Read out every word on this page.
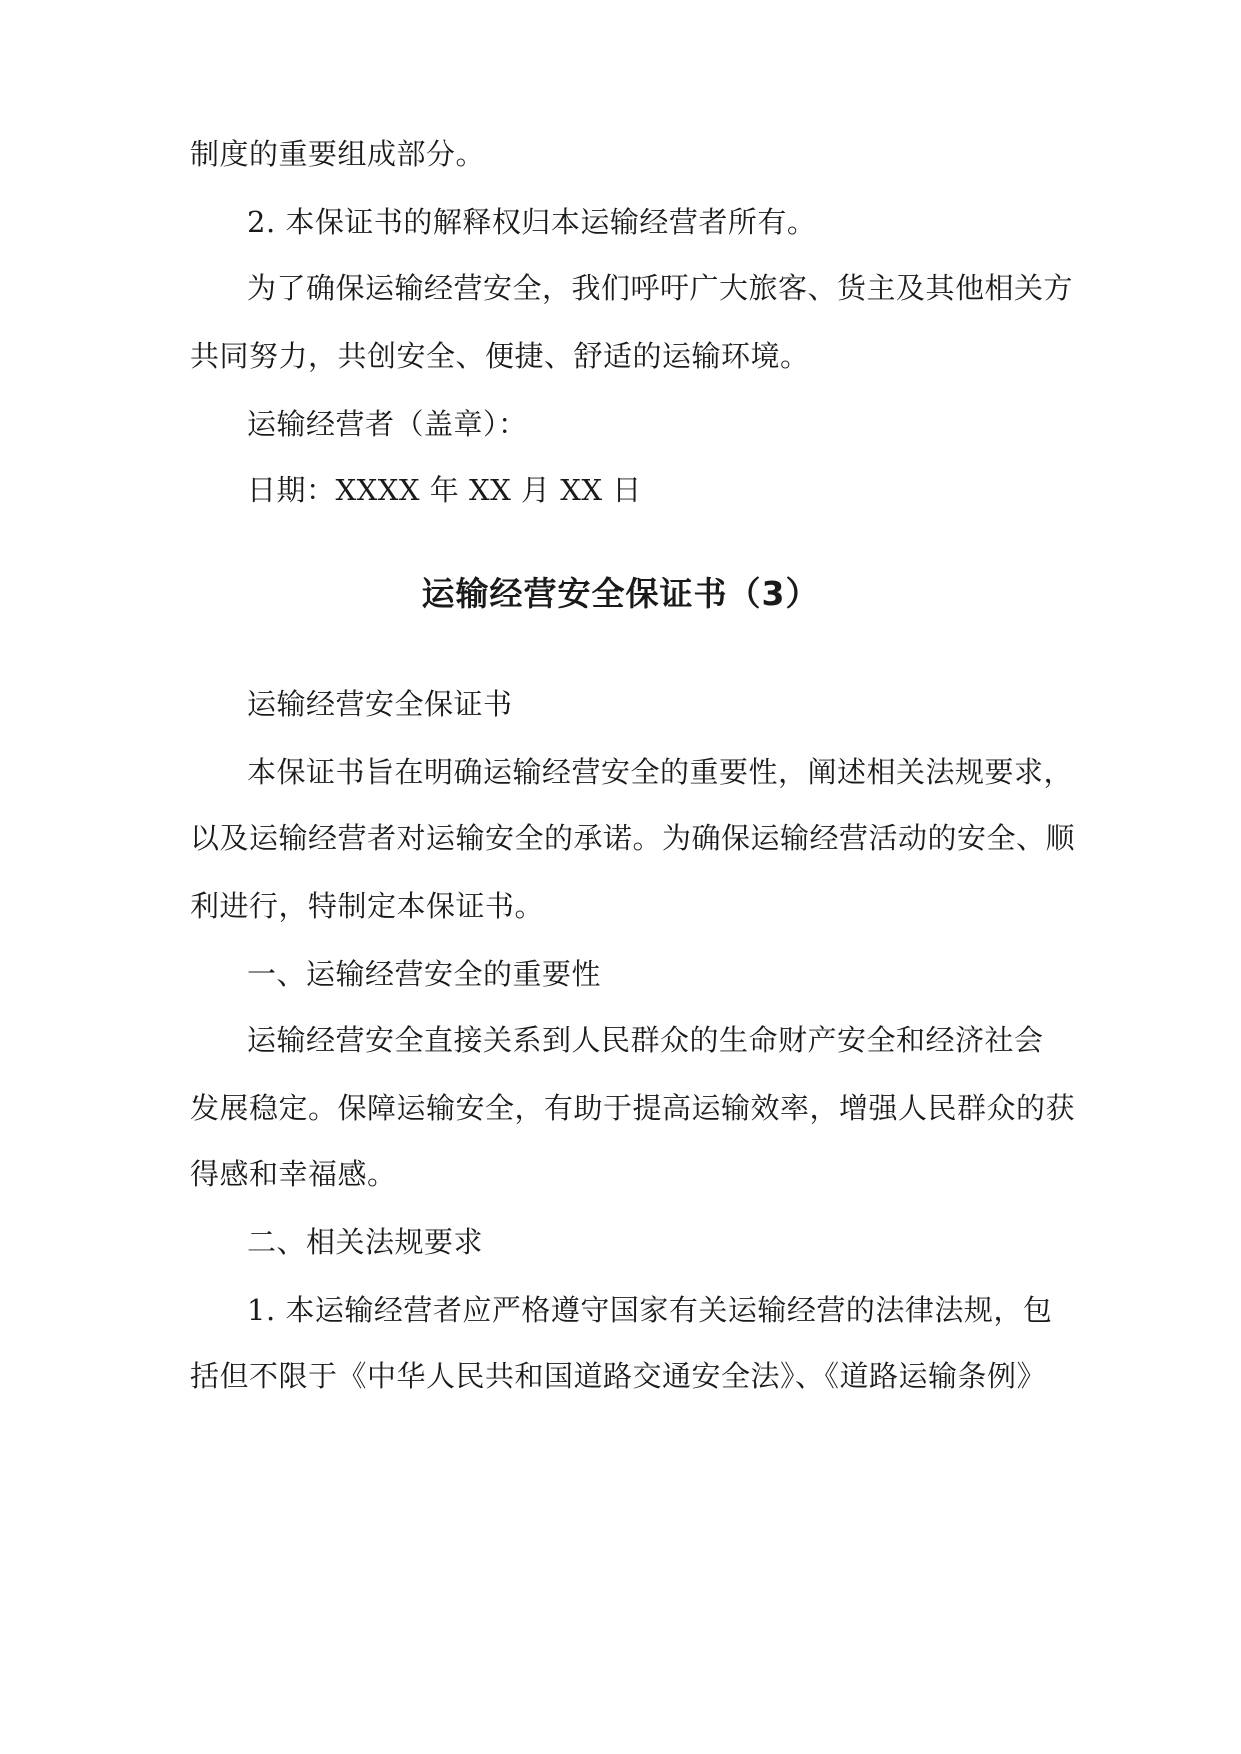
制度的重要组成部分。
2. 本保证书的解释权归本运输经营者所有。
为了确保运输经营安全，我们呼吁广大旅客、货主及其他相关方
共同努力，共创安全、便捷、舒适的运输环境。
运输经营者（盖章）：
日期：XXXX 年 XX 月 XX 日
运输经营安全保证书（3）
运输经营安全保证书
本保证书旨在明确运输经营安全的重要性，阐述相关法规要求，
以及运输经营者对运输安全的承诺。为确保运输经营活动的安全、顺
利进行，特制定本保证书。
一、运输经营安全的重要性
运输经营安全直接关系到人民群众的生命财产安全和经济社会
发展稳定。保障运输安全，有助于提高运输效率，增强人民群众的获
得感和幸福感。
二、相关法规要求
1. 本运输经营者应严格遵守国家有关运输经营的法律法规，包
括但不限于《中华人民共和国道路交通安全法》、《道路运输条例》
